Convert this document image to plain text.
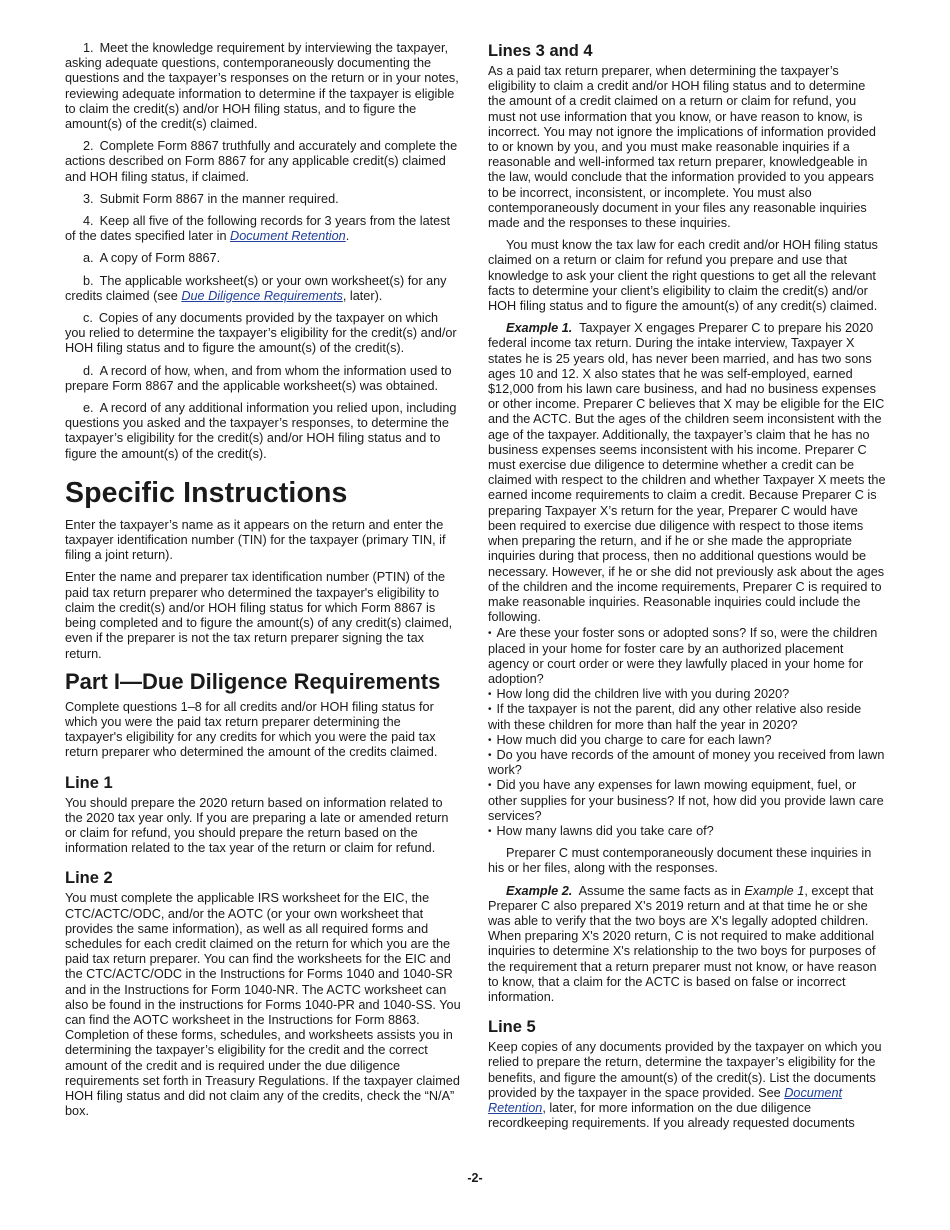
1. Meet the knowledge requirement by interviewing the taxpayer, asking adequate questions, contemporaneously documenting the questions and the taxpayer’s responses on the return or in your notes, reviewing adequate information to determine if the taxpayer is eligible to claim the credit(s) and/or HOH filing status, and to figure the amount(s) of the credit(s) claimed.

2. Complete Form 8867 truthfully and accurately and complete the actions described on Form 8867 for any applicable credit(s) claimed and HOH filing status, if claimed.

3. Submit Form 8867 in the manner required.

4. Keep all five of the following records for 3 years from the latest of the dates specified later in Document Retention.

a. A copy of Form 8867.

b. The applicable worksheet(s) or your own worksheet(s) for any credits claimed (see Due Diligence Requirements, later).

c. Copies of any documents provided by the taxpayer on which you relied to determine the taxpayer’s eligibility for the credit(s) and/or HOH filing status and to figure the amount(s) of the credit(s).

d. A record of how, when, and from whom the information used to prepare Form 8867 and the applicable worksheet(s) was obtained.

e. A record of any additional information you relied upon, including questions you asked and the taxpayer’s responses, to determine the taxpayer’s eligibility for the credit(s) and/or HOH filing status and to figure the amount(s) of the credit(s).

Specific Instructions

Enter the taxpayer’s name as it appears on the return and enter the taxpayer identification number (TIN) for the taxpayer (primary TIN, if filing a joint return).

Enter the name and preparer tax identification number (PTIN) of the paid tax return preparer who determined the taxpayer's eligibility to claim the credit(s) and/or HOH filing status for which Form 8867 is being completed and to figure the amount(s) of any credit(s) claimed, even if the preparer is not the tax return preparer signing the tax return.

Part I—Due Diligence Requirements

Complete questions 1–8 for all credits and/or HOH filing status for which you were the paid tax return preparer determining the taxpayer's eligibility for any credits for which you were the paid tax return preparer who determined the amount of the credits claimed.

Line 1

You should prepare the 2020 return based on information related to the 2020 tax year only. If you are preparing a late or amended return or claim for refund, you should prepare the return based on the information related to the tax year of the return or claim for refund.

Line 2

You must complete the applicable IRS worksheet for the EIC, the CTC/ACTC/ODC, and/or the AOTC (or your own worksheet that provides the same information), as well as all required forms and schedules for each credit claimed on the return for which you are the paid tax return preparer. You can find the worksheets for the EIC and the CTC/ACTC/ODC in the Instructions for Forms 1040 and 1040-SR and in the Instructions for Form 1040-NR. The ACTC worksheet can also be found in the instructions for Forms 1040-PR and 1040-SS. You can find the AOTC worksheet in the Instructions for Form 8863. Completion of these forms, schedules, and worksheets assists you in determining the taxpayer’s eligibility for the credit and the correct amount of the credit and is required under the due diligence requirements set forth in Treasury Regulations. If the taxpayer claimed HOH filing status and did not claim any of the credits, check the “N/A” box.

Lines 3 and 4

As a paid tax return preparer, when determining the taxpayer’s eligibility to claim a credit and/or HOH filing status and to determine the amount of a credit claimed on a return or claim for refund, you must not use information that you know, or have reason to know, is incorrect. You may not ignore the implications of information provided to or known by you, and you must make reasonable inquiries if a reasonable and well-informed tax return preparer, knowledgeable in the law, would conclude that the information provided to you appears to be incorrect, inconsistent, or incomplete. You must also contemporaneously document in your files any reasonable inquiries made and the responses to these inquiries.

You must know the tax law for each credit and/or HOH filing status claimed on a return or claim for refund you prepare and use that knowledge to ask your client the right questions to get all the relevant facts to determine your client’s eligibility to claim the credit(s) and/or HOH filing status and to figure the amount(s) of any credit(s) claimed.

Example 1. Taxpayer X engages Preparer C to prepare his 2020 federal income tax return. During the intake interview, Taxpayer X states he is 25 years old, has never been married, and has two sons ages 10 and 12. X also states that he was self-employed, earned $12,000 from his lawn care business, and had no business expenses or other income. Preparer C believes that X may be eligible for the EIC and the ACTC. But the ages of the children seem inconsistent with the age of the taxpayer. Additionally, the taxpayer’s claim that he has no business expenses seems inconsistent with his income. Preparer C must exercise due diligence to determine whether a credit can be claimed with respect to the children and whether Taxpayer X meets the earned income requirements to claim a credit. Because Preparer C is preparing Taxpayer X’s return for the year, Preparer C would have been required to exercise due diligence with respect to those items when preparing the return, and if he or she made the appropriate inquiries during that process, then no additional questions would be necessary. However, if he or she did not previously ask about the ages of the children and the income requirements, Preparer C is required to make reasonable inquiries. Reasonable inquiries could include the following.

• Are these your foster sons or adopted sons? If so, were the children placed in your home for foster care by an authorized placement agency or court order or were they lawfully placed in your home for adoption?
• How long did the children live with you during 2020?
• If the taxpayer is not the parent, did any other relative also reside with these children for more than half the year in 2020?
• How much did you charge to care for each lawn?
• Do you have records of the amount of money you received from lawn work?
• Did you have any expenses for lawn mowing equipment, fuel, or other supplies for your business? If not, how did you provide lawn care services?
• How many lawns did you take care of?

Preparer C must contemporaneously document these inquiries in his or her files, along with the responses.

Example 2. Assume the same facts as in Example 1, except that Preparer C also prepared X's 2019 return and at that time he or she was able to verify that the two boys are X's legally adopted children. When preparing X's 2020 return, C is not required to make additional inquiries to determine X's relationship to the two boys for purposes of the requirement that a return preparer must not know, or have reason to know, that a claim for the ACTC is based on false or incorrect information.

Line 5

Keep copies of any documents provided by the taxpayer on which you relied to prepare the return, determine the taxpayer’s eligibility for the benefits, and figure the amount(s) of the credit(s). List the documents provided by the taxpayer in the space provided. See Document Retention, later, for more information on the due diligence recordkeeping requirements. If you already requested documents

-2-
